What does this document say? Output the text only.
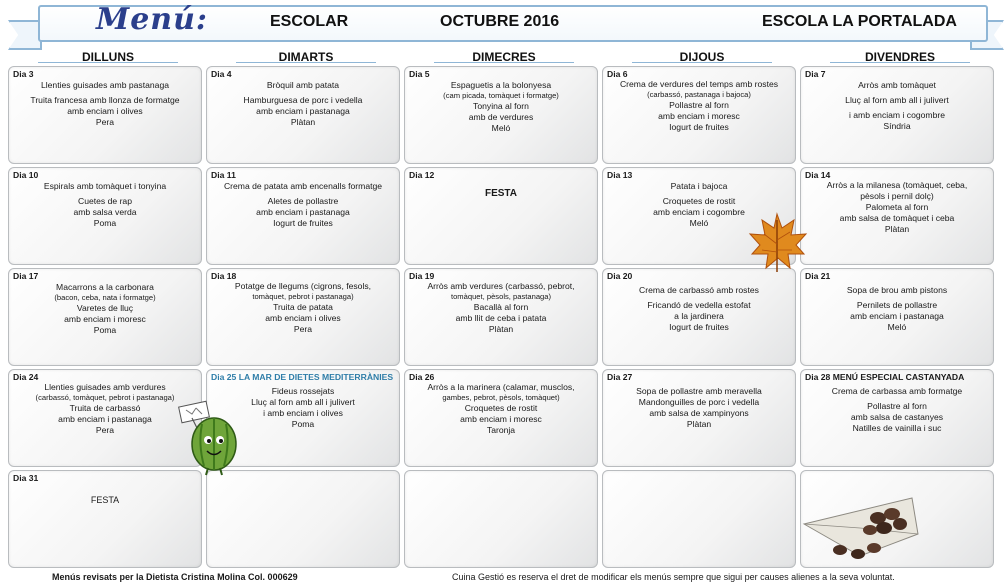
Menú:	ESCOLAR	OCTUBRE 2016	ESCOLA LA PORTALADA
DILLUNS	DIMARTS	DIMECRES	DIJOUS	DIVENDRES
Dia 3
Llenties guisades amb pastanaga
Truita francesa amb llonza de formatge
amb enciam i olives
Pera
Dia 4
Bròquil amb patata
Hamburguesa de porc i vedella
amb enciam i pastanaga
Plàtan
Dia 5
Espaguetis a la bolonyesa
(cam picada, tomàquet i formatge)
Tonyina al forn
amb de verdures
Meló
Dia 6
Crema de verdures del temps amb rostes
(carbassó, pastanaga i bajoca)
Pollastre al forn
amb enciam i moresc
Iogurt de fruites
Dia 7
Arròs amb tomàquet
Lluç al forn amb all i julivert
i amb enciam i cogombre
Síndria
Dia 10
Espirals amb tomàquet i tonyina
Cuetes de rap
amb salsa verda
Poma
Dia 11
Crema de patata amb encenalls formatge
Aletes de pollastre
amb enciam i pastanaga
Iogurt de fruites
Dia 12
FESTA
Dia 13
Patata i bajoca
Croquetes de rostit
amb enciam i cogombre
Meló
Dia 14
Arròs a la milanesa (tomàquet, ceba,
pèsols i pernil dolç)
Palometa al forn
amb salsa de tomàquet i ceba
Plàtan
Dia 17
Macarrons a la carbonara
(bacon, ceba, nata i formatge)
Varetes de lluç
amb enciam i moresc
Poma
Dia 18
Potatge de llegums (cigrons, fesols,
tomàquet, pebrot i pastanaga)
Truita de patata
amb enciam i olives
Pera
Dia 19
Arròs amb verdures (carbassó, pebrot,
tomàquet, pèsols, pastanaga)
Bacallà al forn
amb llit de ceba i patata
Plàtan
Dia 20
Crema de carbassó amb rostes
Fricandó de vedella estofat
a la jardinera
Iogurt de fruites
Dia 21
Sopa de brou amb pistons
Pernilets de pollastre
amb enciam i pastanaga
Meló
Dia 24
Llenties guisades amb verdures
(carbassó, tomàquet, pebrot i pastanaga)
Truita de carbassó
amb enciam i pastanaga
Pera
Dia 25 LA MAR DE DIETES MEDITERRÀNIES
Fideus rossejats
Lluç al forn amb all i julivert
i amb enciam i olives
Poma
Dia 26
Arròs a la marinera (calamar, musclos,
gambes, pebrot, pèsols, tomàquet)
Croquetes de rostit
amb enciam i moresc
Taronja
Dia 27
Sopa de pollastre amb meravella
Mandonguilles de porc i vedella
amb salsa de xampinyons
Plàtan
Dia 28 MENÚ ESPECIAL CASTANYADA
Crema de carbassa amb formatge
Pollastre al forn
amb salsa de castanyes
Natilles de vainilla i suc
Dia 31
FESTA
Menús revisats per la Dietista Cristina Molina Col. 000629	Cuina Gestió es reserva el dret de modificar els menús sempre que sigui per causes alienes a la seva voluntat.
